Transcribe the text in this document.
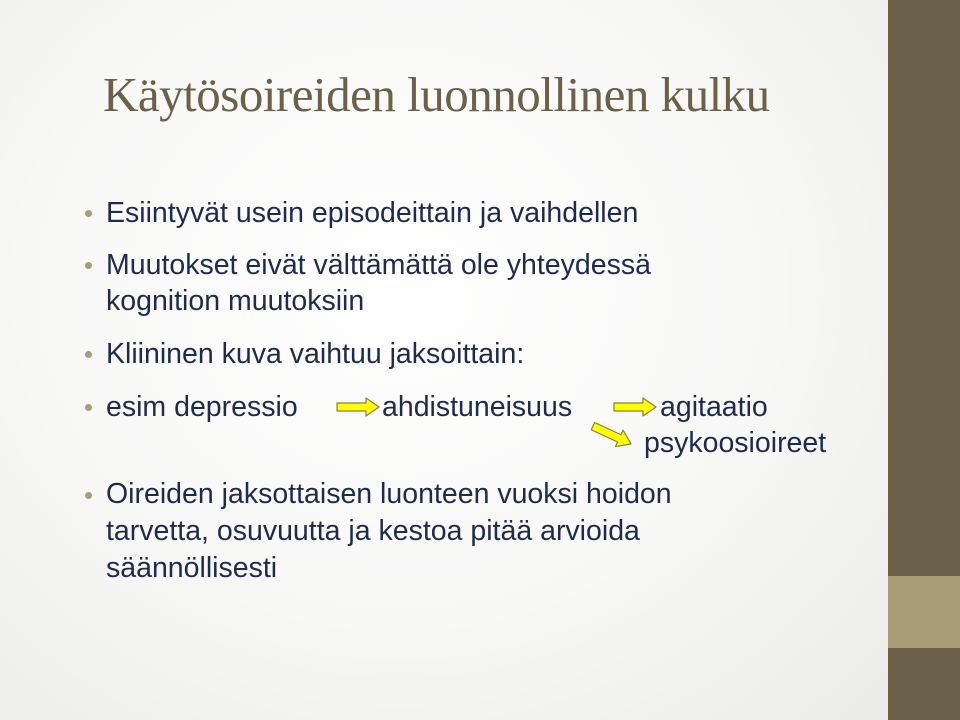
Käytösoireiden luonnollinen kulku
Esiintyvät usein episodeittain ja vaihdellen
Muutokset eivät välttämättä ole yhteydessä
kognition muutoksiin
Kliininen kuva vaihtuu jaksoittain:
esim depressio	ahdistuneisuus	agitaatio
psykoosioireet
Oireiden jaksottaisen luonteen vuoksi hoidon
tarvetta, osuvuutta ja kestoa pitää arvioida
säännöllisesti
